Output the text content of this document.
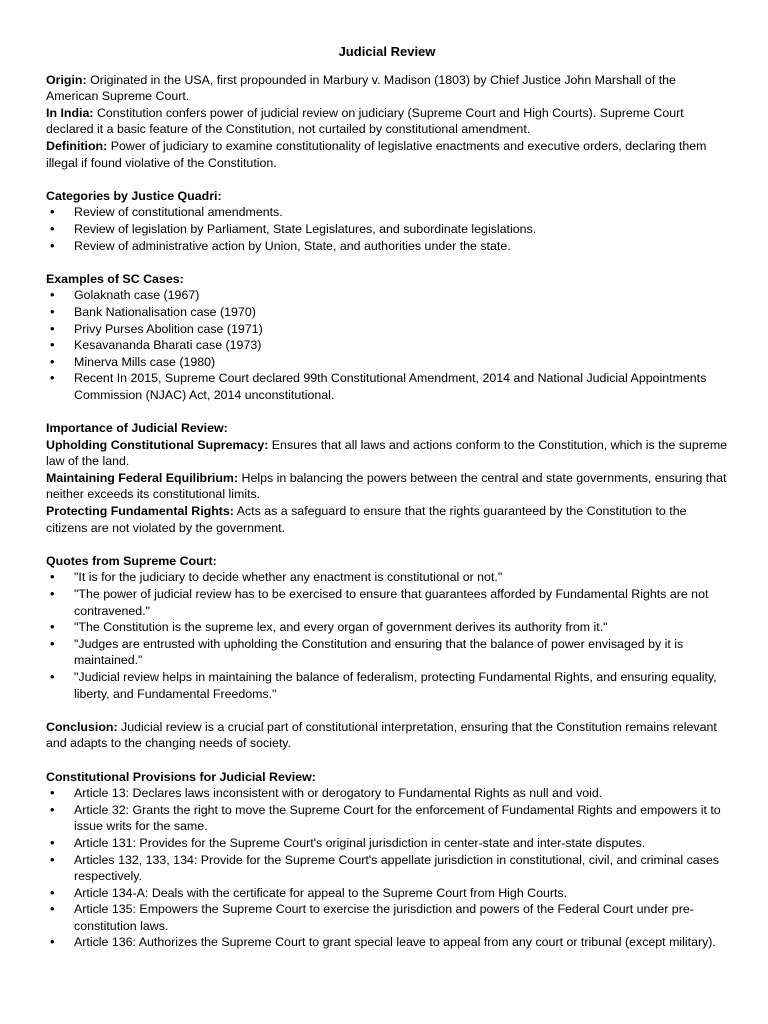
Judicial Review

Origin: Originated in the USA, first propounded in Marbury v. Madison (1803) by Chief Justice John Marshall of the American Supreme Court.

In India: Constitution confers power of judicial review on judiciary (Supreme Court and High Courts). Supreme Court declared it a basic feature of the Constitution, not curtailed by constitutional amendment.

Definition: Power of judiciary to examine constitutionality of legislative enactments and executive orders, declaring them illegal if found violative of the Constitution.

Categories by Justice Quadri:

• Review of constitutional amendments.
• Review of legislation by Parliament, State Legislatures, and subordinate legislations.
• Review of administrative action by Union, State, and authorities under the state.

Examples of SC Cases:

• Golaknath case (1967)
• Bank Nationalisation case (1970)
• Privy Purses Abolition case (1971)
• Kesavananda Bharati case (1973)
• Minerva Mills case (1980)
• Recent In 2015, Supreme Court declared 99th Constitutional Amendment, 2014 and National Judicial Appointments Commission (NJAC) Act, 2014 unconstitutional.

Importance of Judicial Review:

Upholding Constitutional Supremacy: Ensures that all laws and actions conform to the Constitution, which is the supreme law of the land.

Maintaining Federal Equilibrium: Helps in balancing the powers between the central and state governments, ensuring that neither exceeds its constitutional limits.

Protecting Fundamental Rights: Acts as a safeguard to ensure that the rights guaranteed by the Constitution to the citizens are not violated by the government.

Quotes from Supreme Court:

• "It is for the judiciary to decide whether any enactment is constitutional or not."
• "The power of judicial review has to be exercised to ensure that guarantees afforded by Fundamental Rights are not contravened."
• "The Constitution is the supreme lex, and every organ of government derives its authority from it."
• "Judges are entrusted with upholding the Constitution and ensuring that the balance of power envisaged by it is maintained."
• "Judicial review helps in maintaining the balance of federalism, protecting Fundamental Rights, and ensuring equality, liberty, and Fundamental Freedoms."

Conclusion: Judicial review is a crucial part of constitutional interpretation, ensuring that the Constitution remains relevant and adapts to the changing needs of society.

Constitutional Provisions for Judicial Review:

• Article 13: Declares laws inconsistent with or derogatory to Fundamental Rights as null and void.
• Article 32: Grants the right to move the Supreme Court for the enforcement of Fundamental Rights and empowers it to issue writs for the same.
• Article 131: Provides for the Supreme Court's original jurisdiction in center-state and inter-state disputes.
• Articles 132, 133, 134: Provide for the Supreme Court's appellate jurisdiction in constitutional, civil, and criminal cases respectively.
• Article 134-A: Deals with the certificate for appeal to the Supreme Court from High Courts.
• Article 135: Empowers the Supreme Court to exercise the jurisdiction and powers of the Federal Court under pre-constitution laws.
• Article 136: Authorizes the Supreme Court to grant special leave to appeal from any court or tribunal (except military).
